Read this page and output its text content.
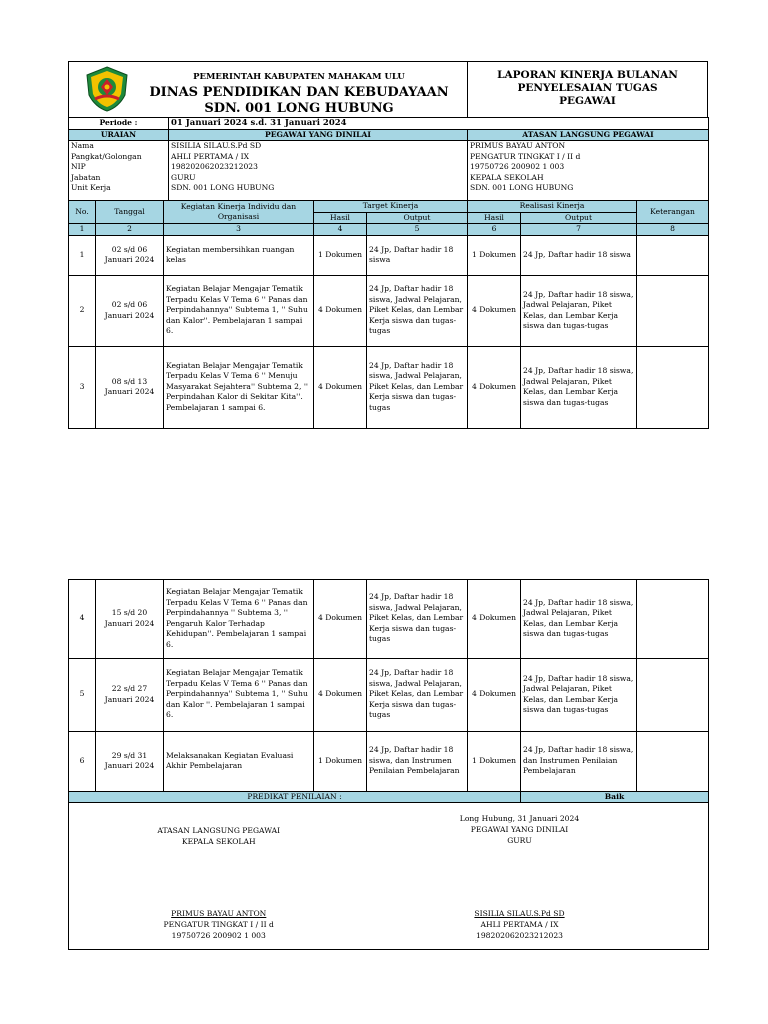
PEMERINTAH KABUPATEN MAHAKAM ULU
DINAS PENDIDIKAN DAN KEBUDAYAAN
SDN. 001 LONG HUBUNG
LAPORAN KINERJA BULANAN
PENYELESAIAN TUGAS
PEGAWAI
Periode :	01 Januari 2024 s.d. 31 Januari 2024	
URAIAN	PEGAWAI YANG DINILAI	ATASAN LANGSUNG PEGAWAI
Nama	SISILIA SILAU.S.Pd SD	PRIMUS BAYAU ANTON
Pangkat/Golongan	AHLI PERTAMA / IX	PENGATUR TINGKAT I / II d
NIP	198202062023212023	19750726 200902 1 003
Jabatan	GURU	KEPALA SEKOLAH
Unit Kerja	SDN. 001 LONG HUBUNG	SDN. 001 LONG HUBUNG
No.	Tanggal	Kegiatan Kinerja Individu dan Organisasi	Target Kinerja		Realisasi Kinerja		Keterangan
			Hasil	Output	Hasil	Output	
1	2	3	4	5	6	7	8
1	02 s/d 06 Januari 2024	Kegiatan membersihkan ruangan kelas	1 Dokumen	24 Jp, Daftar hadir 18 siswa	1 Dokumen	24 Jp, Daftar hadir 18 siswa	
2	02 s/d 06 Januari 2024	Kegiatan Belajar Mengajar Tematik Terpadu Kelas V Tema 6 '' Panas dan Perpindahannya'' Subtema 1, '' Suhu dan Kalor''. Pembelajaran 1 sampai 6.	4 Dokumen	24 Jp, Daftar hadir 18 siswa, Jadwal Pelajaran, Piket Kelas, dan Lembar Kerja siswa dan tugas-tugas	4 Dokumen	24 Jp, Daftar hadir 18 siswa, Jadwal Pelajaran, Piket Kelas, dan Lembar Kerja siswa dan tugas-tugas	
3	08 s/d 13 Januari 2024	Kegiatan Belajar Mengajar Tematik Terpadu Kelas V Tema 6 '' Menuju Masyarakat Sejahtera'' Subtema 2, '' Perpindahan Kalor di Sekitar Kita''. Pembelajaran 1 sampai 6.	4 Dokumen	24 Jp, Daftar hadir 18 siswa, Jadwal Pelajaran, Piket Kelas, dan Lembar Kerja siswa dan tugas-tugas	4 Dokumen	24 Jp, Daftar hadir 18 siswa, Jadwal Pelajaran, Piket Kelas, dan Lembar Kerja siswa dan tugas-tugas	
4	15 s/d 20 Januari 2024	Kegiatan Belajar Mengajar Tematik Terpadu Kelas V Tema 6 '' Panas dan Perpindahannya '' Subtema 3, '' Pengaruh Kalor Terhadap Kehidupan''. Pembelajaran 1 sampai 6.	4 Dokumen	24 Jp, Daftar hadir 18 siswa, Jadwal Pelajaran, Piket Kelas, dan Lembar Kerja siswa dan tugas-tugas	4 Dokumen	24 Jp, Daftar hadir 18 siswa, Jadwal Pelajaran, Piket Kelas, dan Lembar Kerja siswa dan tugas-tugas	
5	22 s/d 27 Januari 2024	Kegiatan Belajar Mengajar Tematik Terpadu Kelas V Tema 6 '' Panas dan Perpindahannya'' Subtema 1, '' Suhu dan Kalor ''. Pembelajaran 1 sampai 6.	4 Dokumen	24 Jp, Daftar hadir 18 siswa, Jadwal Pelajaran, Piket Kelas, dan Lembar Kerja siswa dan tugas-tugas	4 Dokumen	24 Jp, Daftar hadir 18 siswa, Jadwal Pelajaran, Piket Kelas, dan Lembar Kerja siswa dan tugas-tugas	
6	29 s/d 31 Januari 2024	Melaksanakan Kegiatan Evaluasi Akhir Pembelajaran	1 Dokumen	24 Jp, Daftar hadir 18 siswa, dan Instrumen Penilaian Pembelajaran	1 Dokumen	24 Jp, Daftar hadir 18 siswa, dan Instrumen Penilaian Pembelajaran	
PREDIKAT PENILAIAN :						Baik	
ATASAN LANGSUNG PEGAWAI
KEPALA SEKOLAH
PRIMUS BAYAU ANTON
PENGATUR TINGKAT I / II d
19750726 200902 1 003

Long Hubung, 31 Januari 2024
PEGAWAI YANG DINILAI
GURU
SISILIA SILAU.S.Pd SD
AHLI PERTAMA / IX
198202062023212023
